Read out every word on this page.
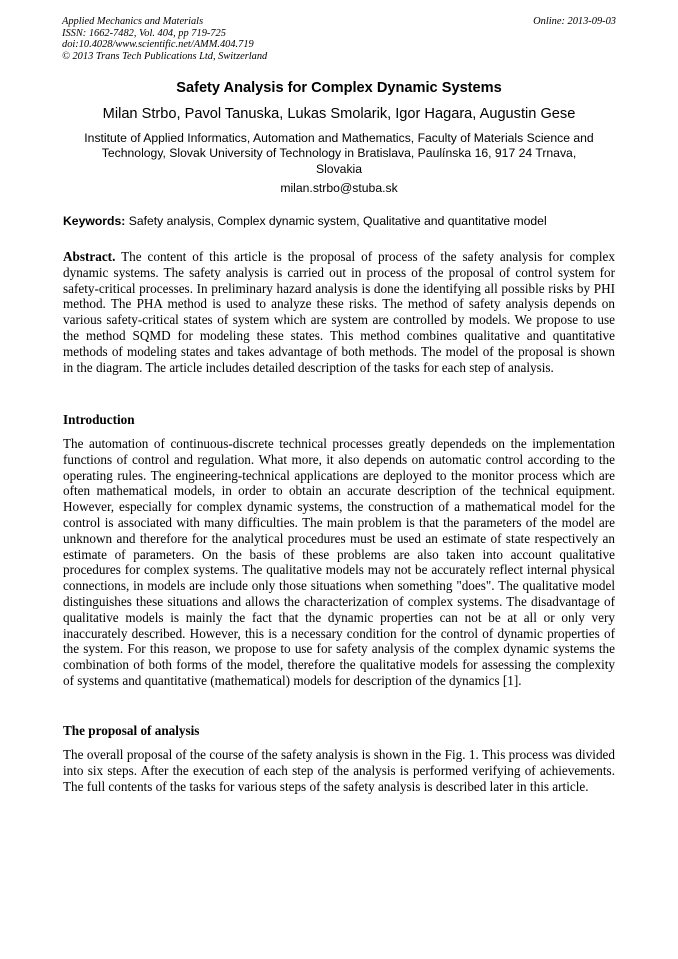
Applied Mechanics and Materials
ISSN: 1662-7482, Vol. 404, pp 719-725
doi:10.4028/www.scientific.net/AMM.404.719
© 2013 Trans Tech Publications Ltd, Switzerland
Online: 2013-09-03
Safety Analysis for Complex Dynamic Systems
Milan Strbo, Pavol Tanuska, Lukas Smolarik, Igor Hagara, Augustin Gese
Institute of Applied Informatics, Automation and Mathematics, Faculty of Materials Science and Technology, Slovak University of Technology in Bratislava, Paulínska 16, 917 24 Trnava, Slovakia
milan.strbo@stuba.sk
Keywords: Safety analysis, Complex dynamic system, Qualitative and quantitative model
Abstract. The content of this article is the proposal of process of the safety analysis for complex dynamic systems. The safety analysis is carried out in process of the proposal of control system for safety-critical processes. In preliminary hazard analysis is done the identifying all possible risks by PHI method. The PHA method is used to analyze these risks. The method of safety analysis depends on various safety-critical states of system which are system are controlled by models. We propose to use the method SQMD for modeling these states. This method combines qualitative and quantitative methods of modeling states and takes advantage of both methods. The model of the proposal is shown in the diagram. The article includes detailed description of the tasks for each step of analysis.
Introduction
The automation of continuous-discrete technical processes greatly dependeds on the implementation functions of control and regulation. What more, it also depends on automatic control according to the operating rules. The engineering-technical applications are deployed to the monitor process which are often mathematical models, in order to obtain an accurate description of the technical equipment. However, especially for complex dynamic systems, the construction of a mathematical model for the control is associated with many difficulties. The main problem is that the parameters of the model are unknown and therefore for the analytical procedures must be used an estimate of state respectively an estimate of parameters. On the basis of these problems are also taken into account qualitative procedures for complex systems. The qualitative models may not be accurately reflect internal physical connections, in models are include only those situations when something "does". The qualitative model distinguishes these situations and allows the characterization of complex systems. The disadvantage of qualitative models is mainly the fact that the dynamic properties can not be at all or only very inaccurately described. However, this is a necessary condition for the control of dynamic properties of the system. For this reason, we propose to use for safety analysis of the complex dynamic systems the combination of both forms of the model, therefore the qualitative models for assessing the complexity of systems and quantitative (mathematical) models for description of the dynamics [1].
The proposal of analysis
The overall proposal of the course of the safety analysis is shown in the Fig. 1. This process was divided into six steps. After the execution of each step of the analysis is performed verifying of achievements. The full contents of the tasks for various steps of the safety analysis is described later in this article.
